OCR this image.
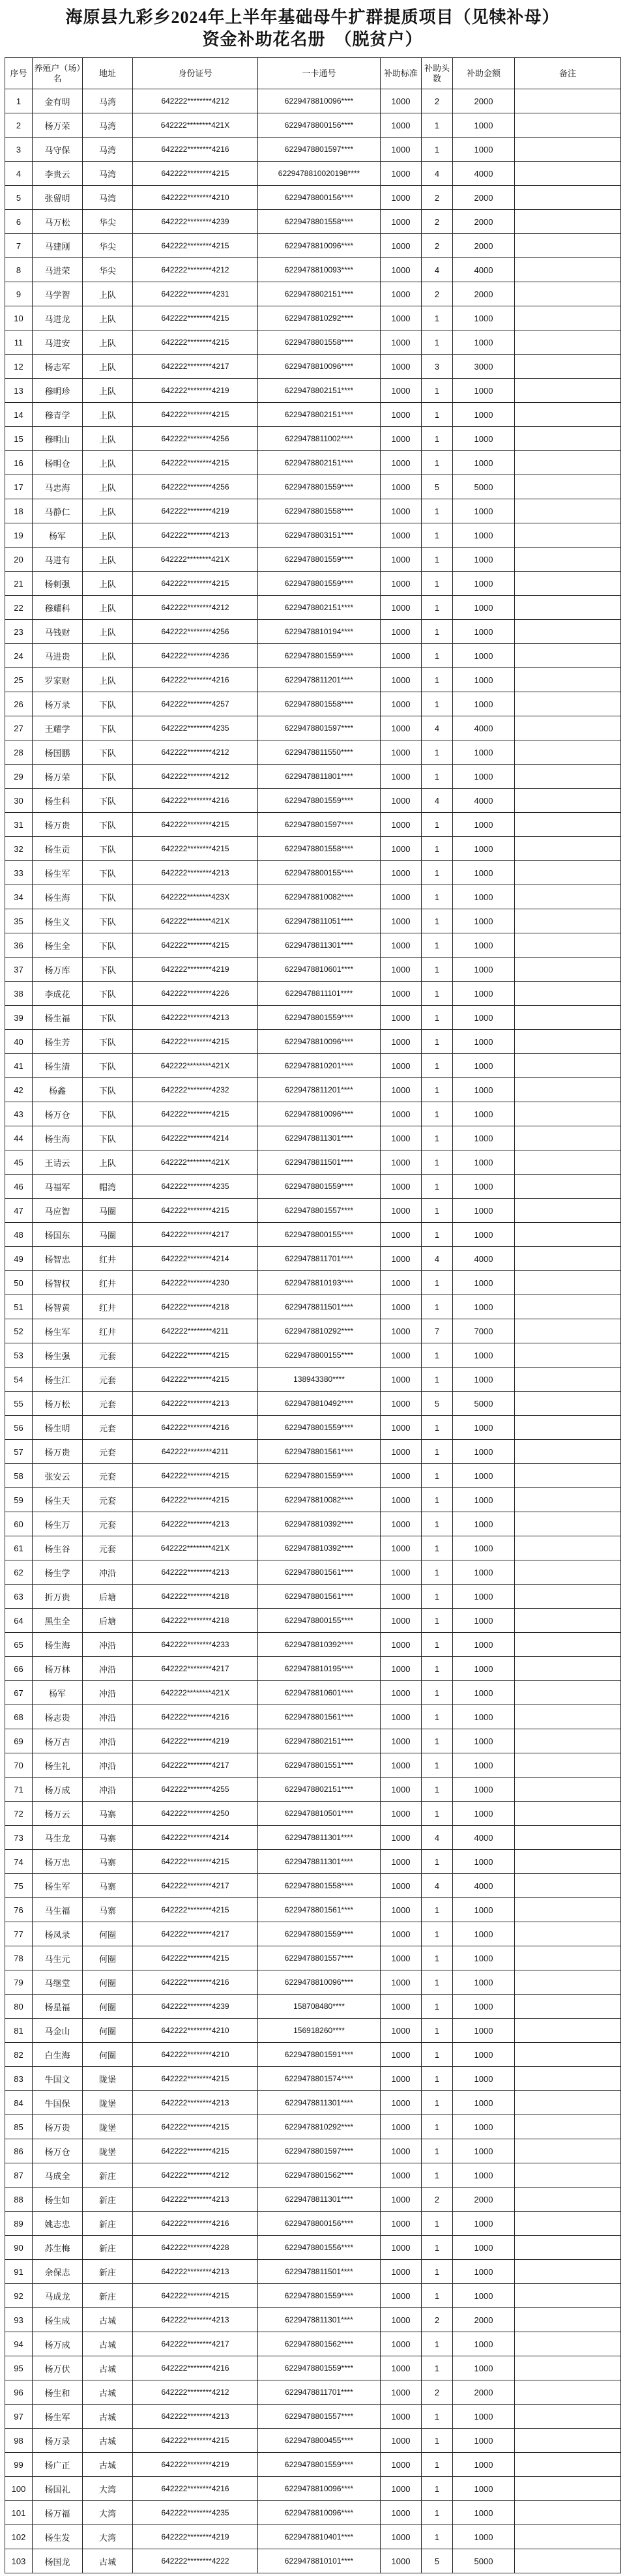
海原县九彩乡2024年上半年基础母牛扩群提质项目（见犊补母）
资金补助花名册　（脱贫户）
序号	养殖户（场）名	地址	身份证号	一卡通号	补助标准	补助头数	补助金额	备注
1	金有明	马湾	642222********4212	6229478810096****	1000	2	2000	
2	杨万荣	马湾	642222********421X	6229478800156****	1000	1	1000	
3	马守保	马湾	642222********4216	6229478801597****	1000	1	1000	
4	李贵云	马湾	642222********4215	6229478810020198****	1000	4	4000	
5	张留明	马湾	642222********4210	6229478800156****	1000	2	2000	
6	马万松	华尖	642222********4239	6229478801558****	1000	2	2000	
7	马建刚	华尖	642222********4215	6229478810096****	1000	2	2000	
8	马进荣	华尖	642222********4212	6229478810093****	1000	4	4000	
9	马学智	上队	642222********4231	6229478802151****	1000	2	2000	
10	马进龙	上队	642222********4215	6229478810292****	1000	1	1000	
11	马进安	上队	642222********4215	6229478801558****	1000	1	1000	
12	杨志军	上队	642222********4217	6229478810096****	1000	3	3000	
13	穆明珍	上队	642222********4219	6229478802151****	1000	1	1000	
14	穆青学	上队	642222********4215	6229478802151****	1000	1	1000	
15	穆明山	上队	642222********4256	6229478811002****	1000	1	1000	
16	杨明仓	上队	642222********4215	6229478802151****	1000	1	1000	
17	马忠海	上队	642222********4256	6229478801559****	1000	5	5000	
18	马静仁	上队	642222********4219	6229478801558****	1000	1	1000	
19	杨军	上队	642222********4213	6229478803151****	1000	1	1000	
20	马进有	上队	642222********421X	6229478801559****	1000	1	1000	
21	杨刺强	上队	642222********4215	6229478801559****	1000	1	1000	
22	穆耀科	上队	642222********4212	6229478802151****	1000	1	1000	
23	马钱财	上队	642222********4256	6229478810194****	1000	1	1000	
24	马进贵	上队	642222********4236	6229478801559****	1000	1	1000	
25	罗家财	上队	642222********4216	6229478811201****	1000	1	1000	
26	杨万录	下队	642222********4257	6229478801558****	1000	1	1000	
27	王耀学	下队	642222********4235	6229478801597****	1000	4	4000	
28	杨国鹏	下队	642222********4212	6229478811550****	1000	1	1000	
29	杨万荣	下队	642222********4212	6229478811801****	1000	1	1000	
30	杨生科	下队	642222********4216	6229478801559****	1000	4	4000	
31	杨万贵	下队	642222********4215	6229478801597****	1000	1	1000	
32	杨生贡	下队	642222********4215	6229478801558****	1000	1	1000	
33	杨生军	下队	642222********4213	6229478800155****	1000	1	1000	
34	杨生海	下队	642222********423X	6229478810082****	1000	1	1000	
35	杨生义	下队	642222********421X	6229478811051****	1000	1	1000	
36	杨生全	下队	642222********4215	6229478811301****	1000	1	1000	
37	杨万库	下队	642222********4219	6229478810601****	1000	1	1000	
38	李成花	下队	642222********4226	6229478811101****	1000	1	1000	
39	杨生福	下队	642222********4213	6229478801559****	1000	1	1000	
40	杨生芳	下队	642222********4215	6229478810096****	1000	1	1000	
41	杨生清	下队	642222********421X	6229478810201****	1000	1	1000	
42	杨鑫	下队	642222********4232	6229478811201****	1000	1	1000	
43	杨万仓	下队	642222********4215	6229478810096****	1000	1	1000	
44	杨生海	下队	642222********4214	6229478811301****	1000	1	1000	
45	王请云	上队	642222********421X	6229478811501****	1000	1	1000	
46	马福军	帽湾	642222********4235	6229478801559****	1000	1	1000	
47	马应智	马圈	642222********4215	6229478801557****	1000	1	1000	
48	杨国东	马圈	642222********4217	6229478800155****	1000	1	1000	
49	杨智忠	红井	642222********4214	6229478811701****	1000	4	4000	
50	杨智权	红井	642222********4230	6229478810193****	1000	1	1000	
51	杨智黄	红井	642222********4218	6229478811501****	1000	1	1000	
52	杨生军	红井	642222********4211	6229478810292****	1000	7	7000	
53	杨生强	元套	642222********4215	6229478800155****	1000	1	1000	
54	杨生江	元套	642222********4215	138943380****	1000	1	1000	
55	杨万松	元套	642222********4213	6229478810492****	1000	5	5000	
56	杨生明	元套	642222********4216	6229478801559****	1000	1	1000	
57	杨万贵	元套	642222********4211	6229478801561****	1000	1	1000	
58	张安云	元套	642222********4215	6229478801559****	1000	1	1000	
59	杨生天	元套	642222********4215	6229478810082****	1000	1	1000	
60	杨生万	元套	642222********4213	6229478810392****	1000	1	1000	
61	杨生谷	元套	642222********421X	6229478810392****	1000	1	1000	
62	杨生学	冲沿	642222********4213	6229478801561****	1000	1	1000	
63	折万贵	后塘	642222********4218	6229478801561****	1000	1	1000	
64	黑生全	后塘	642222********4218	6229478800155****	1000	1	1000	
65	杨生海	冲沿	642222********4233	6229478810392****	1000	1	1000	
66	杨万林	冲沿	642222********4217	6229478810195****	1000	1	1000	
67	杨军	冲沿	642222********421X	6229478810601****	1000	1	1000	
68	杨志贵	冲沿	642222********4216	6229478801561****	1000	1	1000	
69	杨万吉	冲沿	642222********4219	6229478802151****	1000	1	1000	
70	杨生礼	冲沿	642222********4217	6229478801551****	1000	1	1000	
71	杨万成	冲沿	642222********4255	6229478802151****	1000	1	1000	
72	杨万云	马寨	642222********4250	6229478810501****	1000	1	1000	
73	马生龙	马寨	642222********4214	6229478811301****	1000	4	4000	
74	杨万忠	马寨	642222********4215	6229478811301****	1000	1	1000	
75	杨生军	马寨	642222********4217	6229478801558****	1000	4	4000	
76	马生福	马寨	642222********4215	6229478801561****	1000	1	1000	
77	杨凤录	何圈	642222********4217	6229478801559****	1000	1	1000	
78	马生元	何圈	642222********4215	6229478801557****	1000	1	1000	
79	马继堂	何圈	642222********4216	6229478810096****	1000	1	1000	
80	杨星福	何圈	642222********4239	158708480****	1000	1	1000	
81	马金山	何圈	642222********4210	156918260****	1000	1	1000	
82	白生海	何圈	642222********4210	6229478801591****	1000	1	1000	
83	牛国文	陇堡	642222********4215	6229478801574****	1000	1	1000	
84	牛国保	陇堡	642222********4213	6229478811301****	1000	1	1000	
85	杨万贵	陇堡	642222********4215	6229478810292****	1000	1	1000	
86	杨万仓	陇堡	642222********4215	6229478801597****	1000	1	1000	
87	马成全	新庄	642222********4212	6229478801562****	1000	1	1000	
88	杨生如	新庄	642222********4213	6229478811301****	1000	2	2000	
89	姚志忠	新庄	642222********4216	6229478800156****	1000	1	1000	
90	苏生梅	新庄	642222********4228	6229478801556****	1000	1	1000	
91	余保志	新庄	642222********4213	6229478811501****	1000	1	1000	
92	马成龙	新庄	642222********4215	6229478801559****	1000	1	1000	
93	杨生成	古城	642222********4213	6229478811301****	1000	2	2000	
94	杨万成	古城	642222********4217	6229478801562****	1000	1	1000	
95	杨万伏	古城	642222********4216	6229478801559****	1000	1	1000	
96	杨生和	古城	642222********4212	6229478811701****	1000	2	2000	
97	杨生军	古城	642222********4213	6229478801557****	1000	1	1000	
98	杨万录	古城	642222********4215	6229478800455****	1000	1	1000	
99	杨广正	古城	642222********4219	6229478801559****	1000	1	1000	
100	杨国礼	大湾	642222********4216	6229478810096****	1000	1	1000	
101	杨万福	大湾	642222********4235	6229478810096****	1000	1	1000	
102	杨生发	大湾	642222********4219	6229478810401****	1000	1	1000	
103	杨国龙	古城	642222********4222	6229478810101****	1000	5	5000	
